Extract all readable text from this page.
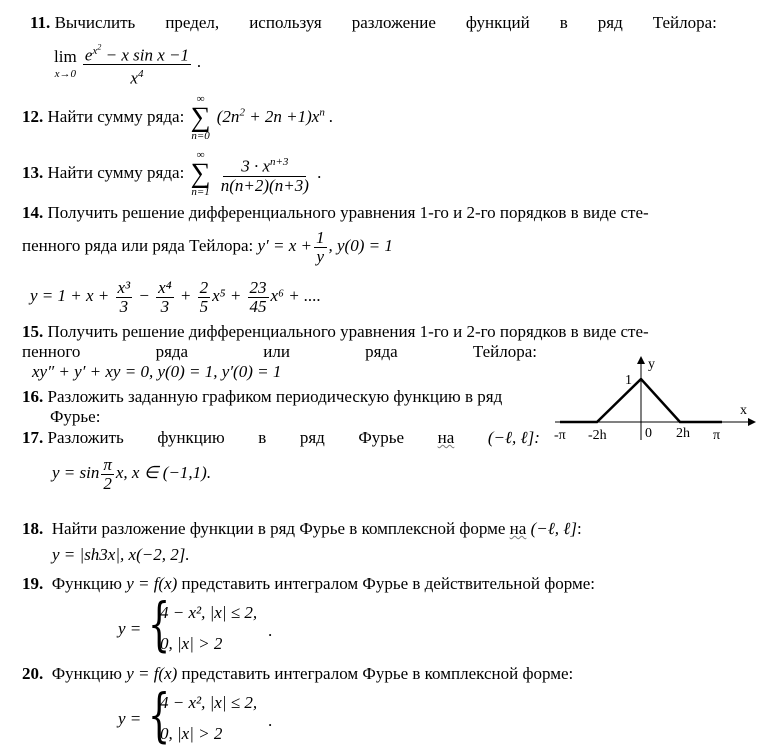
11. Вычислить предел, используя разложение функций в ряд Тейлора:
lim
x→0
$\frac{e^{x^2} - x \sin x -1}{x^4}$ .
12. Найти сумму ряда:
∞
∑
n=0
$(2n^2 + 2n +1)x^n$ .
13. Найти сумму ряда:
∞
∑
n=1
$\frac{3 \cdot x^{n+3}}{n(n+2)(n+3)}$ .
14. Получить решение дифференциального уравнения 1-го и 2-го порядков в виде сте-
пенного ряда или ряда Тейлора: $y' = x + \frac{1}{y}$ , y(0) = 1
$y = 1 + x + \frac{\text{x³}}{3} - \frac{\text{x⁴}}{3} + \frac{2}{5} x^5 + \frac{23}{45} x^6$ + ....
15. Получить решение дифференциального уравнения 1-го и 2-го порядков в виде сте-
пенного	ряда	или	ряда	Тейлора:
xy″ + y′ + xy = 0, y(0) = 1, y′(0) = 1
16. Разложить заданную графиком периодическую функцию в ряд
Фурье:
y
x
1
-π -2h	0 2h π
17. Разложить функцию в ряд Фурье на (−ℓ, ℓ]:
$y = \sin \frac{\pi}{2} x$, x ∈ (−1,1).
18. Найти разложение функции в ряд Фурье в комплексной форме на (−ℓ, ℓ]:
y = |sh3x|, x(−2, 2].
19. Функцию y = f(x) представить интегралом Фурье в действительной форме:
y = {
4 − x², |x| ≤ 2,
0, |x| > 2
.
20. Функцию y = f(x) представить интегралом Фурье в комплексной форме:
y = {
4 − x², |x| ≤ 2,
0, |x| > 2
.
